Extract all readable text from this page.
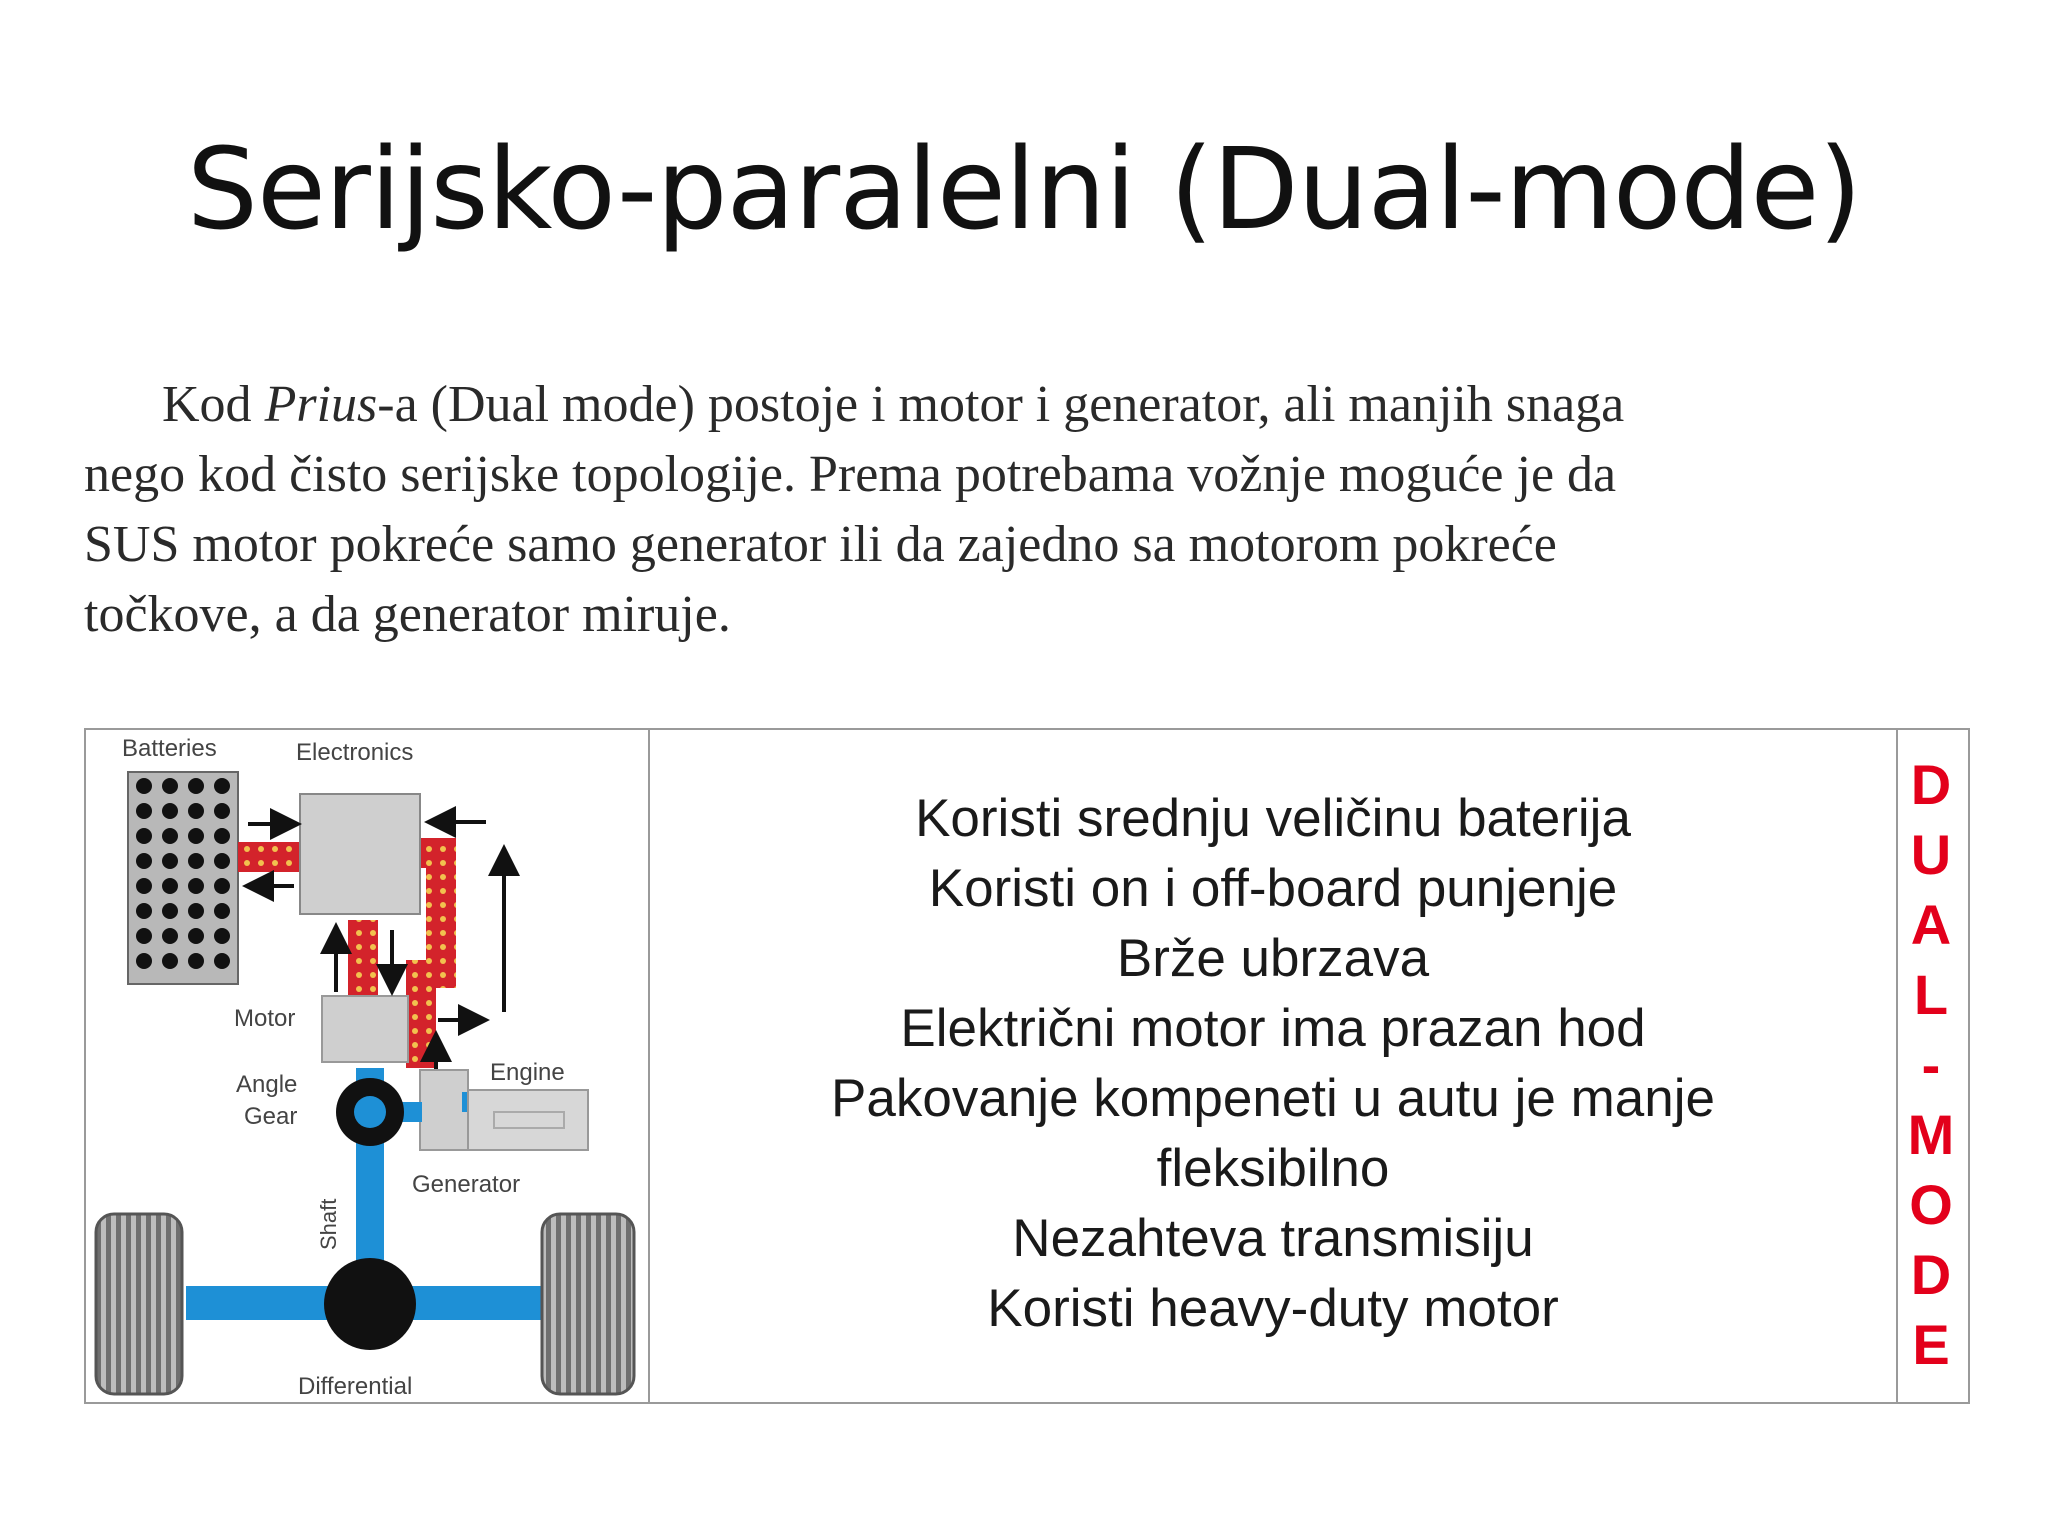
Serijsko-paralelni (Dual-mode)
Kod Prius-a (Dual mode) postoje i motor i generator, ali manjih snaga
nego kod čisto serijske topologije. Prema potrebama vožnje moguće je da
SUS motor pokreće samo generator ili da zajedno sa motorom pokreće
točkove, a da generator miruje.
Batteries	Electronics
Motor
Engine
Angle
Gear
Generator
Shaft
Differential
Koristi srednju veličinu baterija
Koristi on i off-board punjenje
Brže ubrzava
Električni motor ima prazan hod
Pakovanje kompeneti u autu je manje
fleksibilno
Nezahteva transmisiju
Koristi heavy-duty motor
D
U
A
L
-
M
O
D
E
